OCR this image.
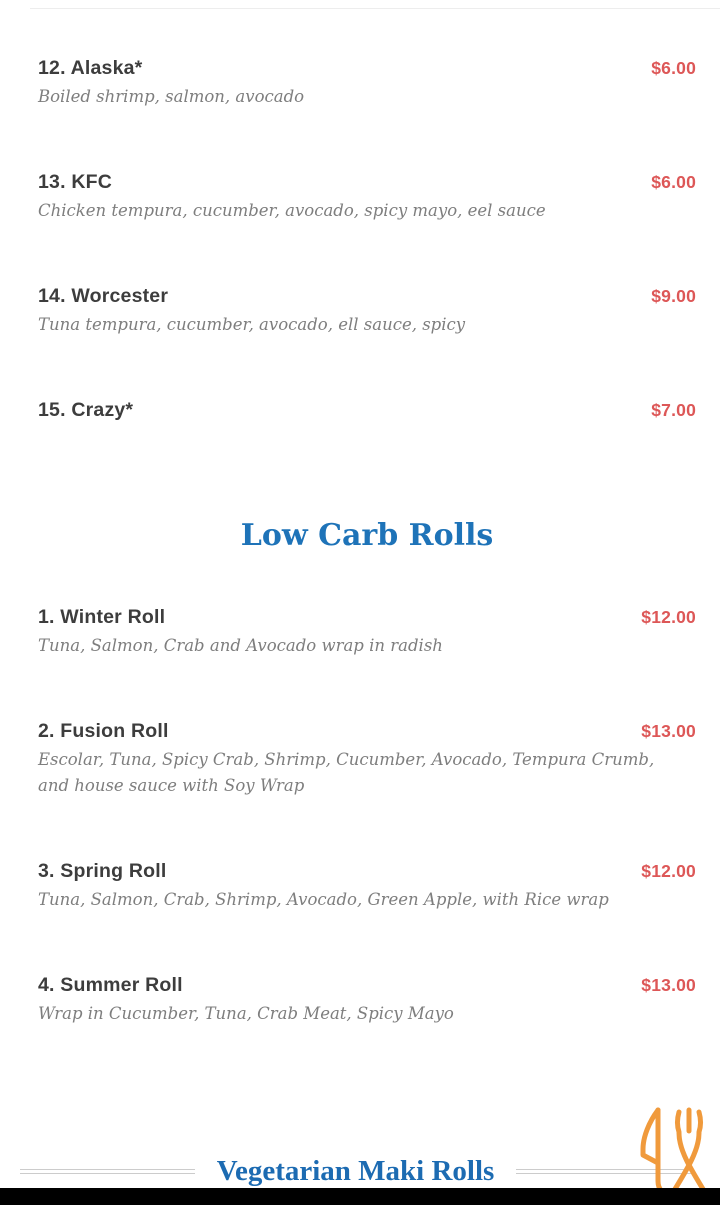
12. Alaska*	$6.00
Boiled shrimp, salmon, avocado
13. KFC	$6.00
Chicken tempura, cucumber, avocado, spicy mayo, eel sauce
14. Worcester	$9.00
Tuna tempura, cucumber, avocado, ell sauce, spicy
15. Crazy*	$7.00
Low Carb Rolls
1. Winter Roll	$12.00
Tuna, Salmon, Crab and Avocado wrap in radish
2. Fusion Roll	$13.00
Escolar, Tuna, Spicy Crab, Shrimp, Cucumber, Avocado, Tempura Crumb, and house sauce with Soy Wrap
3. Spring Roll	$12.00
Tuna, Salmon, Crab, Shrimp, Avocado, Green Apple, with Rice wrap
4. Summer Roll	$13.00
Wrap in Cucumber, Tuna, Crab Meat, Spicy Mayo
Vegetarian Maki Rolls
